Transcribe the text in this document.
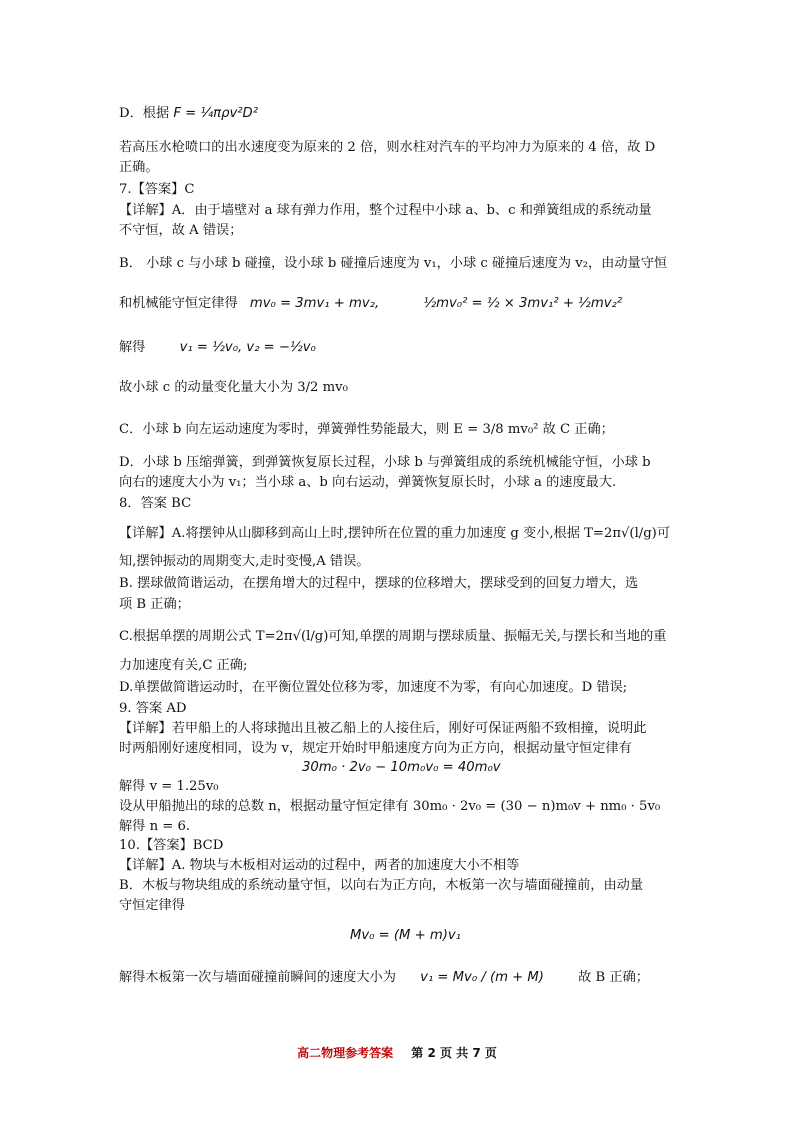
D．根据 F = ¼πρv²D²
若高压水枪喷口的出水速度变为原来的 2 倍，则水柱对汽车的平均冲力为原来的 4 倍，故 D
正确。
7.【答案】C
【详解】A．由于墙壁对 a 球有弹力作用，整个过程中小球 a、b、c 和弹簧组成的系统动量
不守恒，故 A 错误；
B． 小球 c 与小球 b 碰撞，设小球 b 碰撞后速度为 v₁，小球 c 碰撞后速度为 v₂，由动量守恒
和机械能守恒定律得 mv₀ = 3mv₁ + mv₂,	½mv₀² = ½ × 3mv₁² + ½mv₂²
解得	v₁ = ½v₀, v₂ = −½v₀
故小球 c 的动量变化量大小为 3/2 mv₀
C．小球 b 向左运动速度为零时，弹簧弹性势能最大，则 E = 3/8 mv₀² 故 C 正确；
D．小球 b 压缩弹簧，到弹簧恢复原长过程，小球 b 与弹簧组成的系统机械能守恒，小球 b
向右的速度大小为 v₁；当小球 a、b 向右运动，弹簧恢复原长时，小球 a 的速度最大.
8．答案 BC
【详解】A.将摆钟从山脚移到高山上时,摆钟所在位置的重力加速度 g 变小,根据 T=2π√(l/g)可
知,摆钟振动的周期变大,走时变慢,A 错误。
B. 摆球做简谐运动，在摆角增大的过程中，摆球的位移增大，摆球受到的回复力增大，选
项 B 正确；
C.根据单摆的周期公式 T=2π√(l/g)可知,单摆的周期与摆球质量、振幅无关,与摆长和当地的重
力加速度有关,C 正确;
D.单摆做简谐运动时，在平衡位置处位移为零，加速度不为零，有向心加速度。D 错误;
9. 答案 AD
【详解】若甲船上的人将球抛出且被乙船上的人接住后，刚好可保证两船不致相撞，说明此
时两船刚好速度相同，设为 v，规定开始时甲船速度方向为正方向，根据动量守恒定律有
30m₀ · 2v₀ − 10m₀v₀ = 40m₀v
解得 v = 1.25v₀
设从甲船抛出的球的总数 n，根据动量守恒定律有 30m₀ · 2v₀ = (30 − n)m₀v + nm₀ · 5v₀
解得 n = 6.
10.【答案】BCD
【详解】A. 物块与木板相对运动的过程中，两者的加速度大小不相等
B．木板与物块组成的系统动量守恒，以向右为正方向，木板第一次与墙面碰撞前，由动量
守恒定律得
Mv₀ = (M + m)v₁
解得木板第一次与墙面碰撞前瞬间的速度大小为 v₁ = Mv₀ / (m + M)	故 B 正确；
高二物理参考答案 第 2 页 共 7 页
